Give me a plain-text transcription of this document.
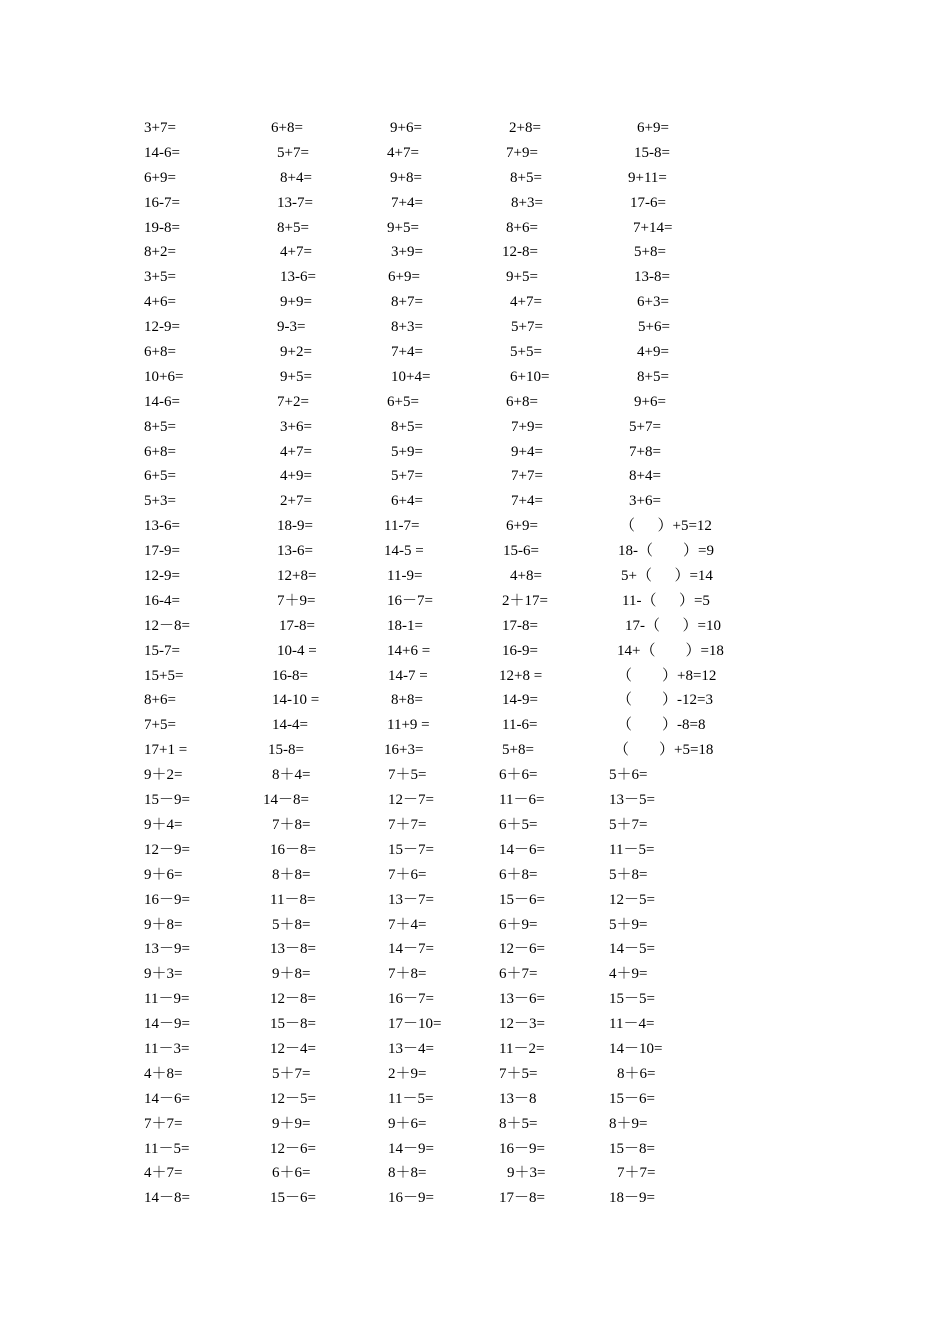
3+7=	6+8=	9+6=	2+8=	6+9=
14-6=	5+7=	4+7=	7+9=	15-8=
6+9=	8+4=	9+8=	8+5=	9+11=
16-7=	13-7=	7+4=	8+3=	17-6=
19-8=	8+5=	9+5=	8+6=	7+14=
8+2=	4+7=	3+9=	12-8=	5+8=
3+5=	13-6=	6+9=	9+5=	13-8=
4+6=	9+9=	8+7=	4+7=	6+3=
12-9=	9-3=	8+3=	5+7=	5+6=
6+8=	9+2=	7+4=	5+5=	4+9=
10+6=	9+5=	10+4=	6+10=	8+5=
14-6=	7+2=	6+5=	6+8=	9+6=
8+5=	3+6=	8+5=	7+9=	5+7=
6+8=	4+7=	5+9=	9+4=	7+8=
6+5=	4+9=	5+7=	7+7=	8+4=
5+3=	2+7=	6+4=	7+4=	3+6=
13-6=	18-9=	11-7=	6+9=	（      ）+5=12
17-9=	13-6=	14-5 =	15-6=	18-（        ）=9
12-9=	12+8=	11-9=	4+8=	5+（      ）=14
16-4=	7＋9=	16－7=	2＋17=	11-（      ）=5
12－8=	17-8=	18-1=	17-8=	17-（      ）=10
15-7=	10-4 =	14+6 =	16-9=	14+（        ）=18
15+5=	16-8=	14-7 =	12+8 =	（        ）+8=12
8+6=	14-10 =	8+8=	14-9=	（        ）-12=3
7+5=	14-4=	11+9 =	11-6=	（        ）-8=8
17+1 =	15-8=	16+3=	5+8=	（        ）+5=18
9＋2=	8＋4=	7＋5=	6＋6=	5＋6=
15－9=	14－8=	12－7=	11－6=	13－5=
9＋4=	7＋8=	7＋7=	6＋5=	5＋7=
12－9=	16－8=	15－7=	14－6=	11－5=
9＋6=	8＋8=	7＋6=	6＋8=	5＋8=
16－9=	11－8=	13－7=	15－6=	12－5=
9＋8=	5＋8=	7＋4=	6＋9=	5＋9=
13－9=	13－8=	14－7=	12－6=	14－5=
9＋3=	9＋8=	7＋8=	6＋7=	4＋9=
11－9=	12－8=	16－7=	13－6=	15－5=
14－9=	15－8=	17－10=	12－3=	11－4=
11－3=	12－4=	13－4=	11－2=	14－10=
4＋8=	5＋7=	2＋9=	7＋5=	8＋6=
14－6=	12－5=	11－5=	13－8	15－6=
7＋7=	9＋9=	9＋6=	8＋5=	8＋9=
11－5=	12－6=	14－9=	16－9=	15－8=
4＋7=	6＋6=	8＋8=	9＋3=	7＋7=
14－8=	15－6=	16－9=	17－8=	18－9=
